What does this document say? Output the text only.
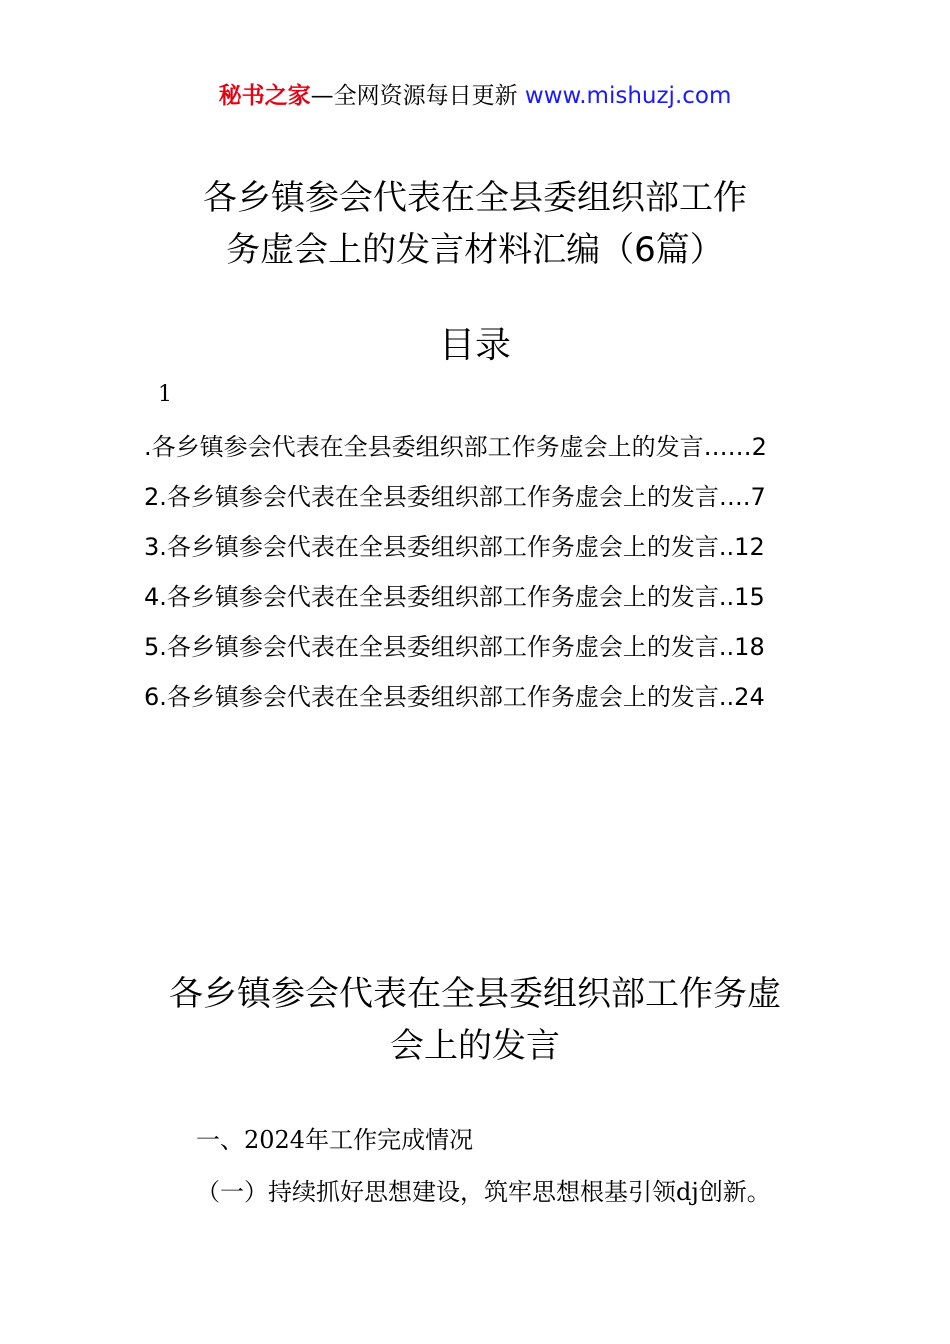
秘书之家—全网资源每日更新 www.mishuzj.com
各乡镇参会代表在全县委组织部工作
务虚会上的发言材料汇编（6篇）
目录
1
.各乡镇参会代表在全县委组织部工作务虚会上的发言 …… 2
2.各乡镇参会代表在全县委组织部工作务虚会上的发言 …. 7
3.各乡镇参会代表在全县委组织部工作务虚会上的发言 .. 12
4.各乡镇参会代表在全县委组织部工作务虚会上的发言 .. 15
5.各乡镇参会代表在全县委组织部工作务虚会上的发言 .. 18
6.各乡镇参会代表在全县委组织部工作务虚会上的发言 .. 24
各乡镇参会代表在全县委组织部工作务虚
会上的发言
一、2024年工作完成情况
（一）持续抓好思想建设，筑牢思想根基引领dj创新。
